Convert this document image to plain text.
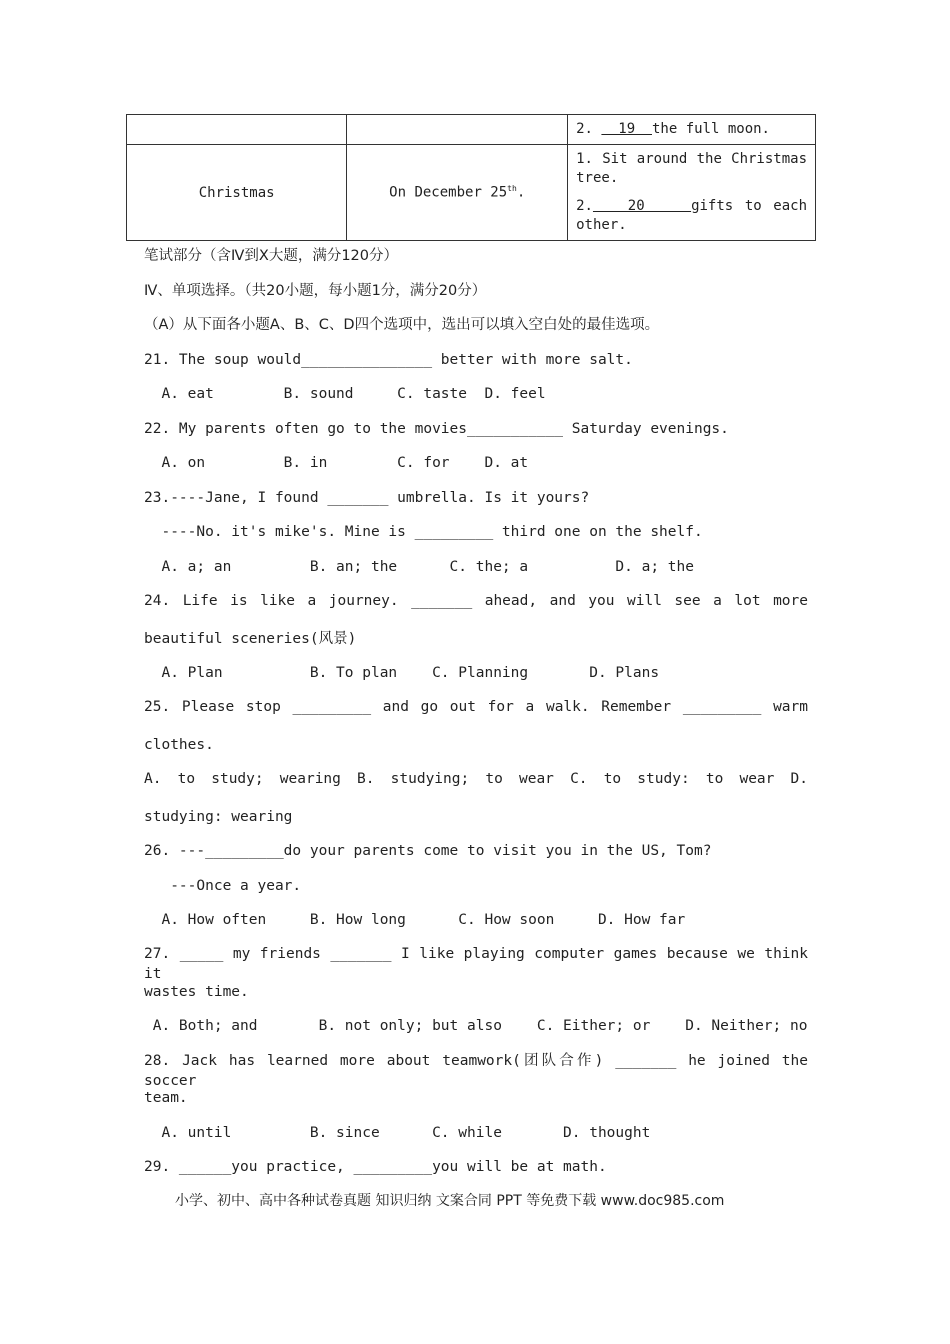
		2.   19  the full moon.
Christmas	On December 25th.	1. Sit around the Christmas tree.

2.   20    gifts to each other.

笔试部分（含Ⅳ到Ⅹ大题，满分120分）
Ⅳ、单项选择。（共20小题，每小题1分，满分20分）
（A）从下面各小题A、B、C、D四个选项中，选出可以填入空白处的最佳选项。
21. The soup would_______________ better with more salt.
A. eat        B. sound     C. taste  D. feel
22. My parents often go to the movies___________ Saturday evenings.
A. on         B. in        C. for    D. at
23.----Jane, I found _______ umbrella. Is it yours?
----No. it's mike's. Mine is _________ third one on the shelf.
A. a; an         B. an; the      C. the; a          D. a; the
24. Life is like a journey. _______ ahead, and you will see a lot more
beautiful sceneries(风景)
A. Plan          B. To plan    C. Planning       D. Plans
25. Please stop _________ and go out for a walk. Remember _________ warm
clothes.
A. to study; wearing B. studying; to wear C. to study: to wear D.
studying: wearing
26. ---_________do your parents come to visit you in the US, Tom?
---Once a year.
A. How often     B. How long      C. How soon     D. How far
27. _____ my friends _______ I like playing computer games because we think it
wastes time.
A. Both; and       B. not only; but also    C. Either; or    D. Neither; no
28. Jack has learned more about teamwork(团队合作) _______ he joined the soccer
team.
A. until         B. since      C. while       D. thought
29. ______you practice, _________you will be at math.
小学、初中、高中各种试卷真题 知识归纳 文案合同 PPT 等免费下载 www.doc985.com
